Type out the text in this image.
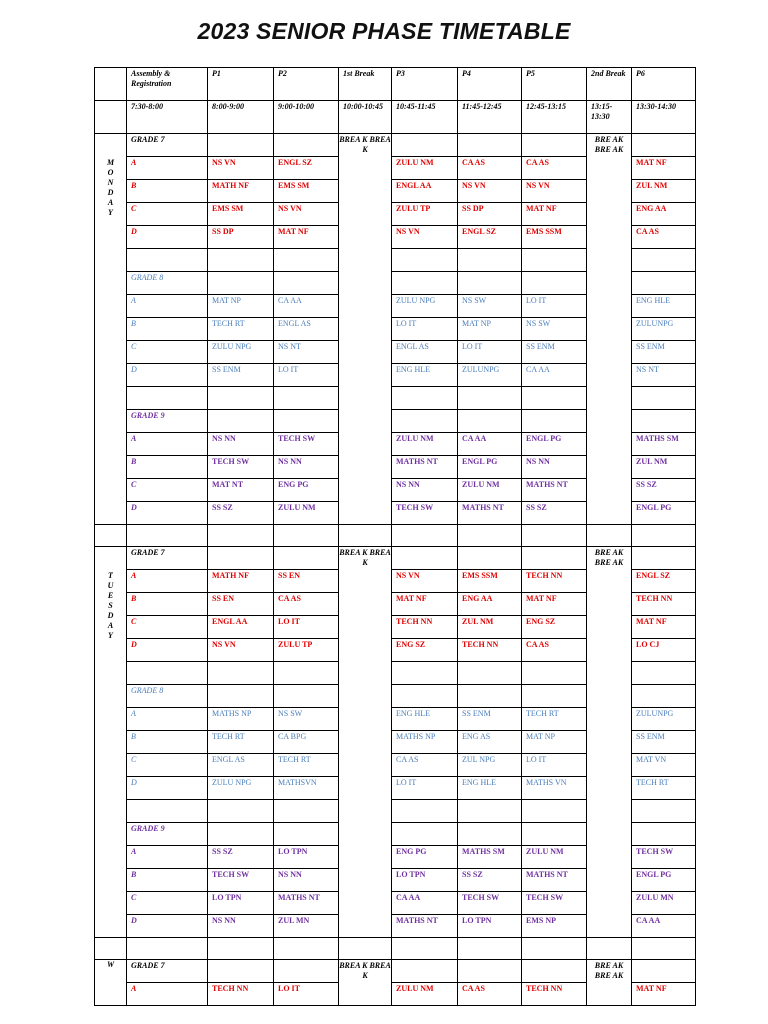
2023 SENIOR PHASE TIMETABLE
	Assembly & Registration	P1	P2	1st Break	P3	P4	P5	2nd Break	P6
	7:30-8:00	8:00-9:00	9:00-10:00	10:00-10:45	10:45-11:45	11:45-12:45	12:45-13:15	13:15-13:30	13:30-14:30

MONDAY	GRADE 7			BREA K BREA K				BRE AK BRE AK	
	A	NS VN	ENGL SZ		ZULU NM	CA AS	CA AS		MAT NF
	B	MATH NF	EMS SM		ENGL AA	NS VN	NS VN		ZUL NM
	C	EMS SM	NS VN		ZULU TP	SS DP	MAT NF		ENG AA
	D	SS DP	MAT NF		NS VN	ENGL SZ	EMS SSM		CA AS

	GRADE 8								
	A	MAT NP	CA AA		ZULU NPG	NS SW	LO IT		ENG HLE
	B	TECH RT	ENGL AS		LO IT	MAT NP	NS SW		ZULUNPG
	C	ZULU NPG	NS NT		ENGL AS	LO IT	SS ENM		SS ENM
	D	SS ENM	LO IT		ENG HLE	ZULUNPG	CA AA		NS NT

	GRADE 9								
	A	NS NN	TECH SW		ZULU NM	CA AA	ENGL PG		MATHS SM
	B	TECH SW	NS NN		MATHS NT	ENGL PG	NS NN		ZUL NM
	C	MAT NT	ENG PG		NS NN	ZULU NM	MATHS NT		SS SZ
	D	SS SZ	ZULU NM		TECH SW	MATHS NT	SS SZ		ENGL PG

TUESDAY	GRADE 7			BREA K BREA K				BRE AK BRE AK	
	A	MATH NF	SS EN		NS VN	EMS SSM	TECH NN		ENGL SZ
	B	SS EN	CA AS		MAT NF	ENG AA	MAT NF		TECH NN
	C	ENGL AA	LO IT		TECH NN	ZUL NM	ENG SZ		MAT NF
	D	NS VN	ZULU TP		ENG SZ	TECH NN	CA AS		LO CJ

	GRADE 8								
	A	MATHS NP	NS SW		ENG HLE	SS ENM	TECH RT		ZULUNPG
	B	TECH RT	CA BPG		MATHS NP	ENG AS	MAT NP		SS ENM
	C	ENGL AS	TECH RT		CA AS	ZUL NPG	LO IT		MAT VN
	D	ZULU NPG	MATHSVN		LO IT	ENG HLE	MATHS VN		TECH RT

	GRADE 9								
	A	SS SZ	LO TPN		ENG PG	MATHS SM	ZULU NM		TECH SW
	B	TECH SW	NS NN		LO TPN	SS SZ	MATHS NT		ENGL PG
	C	LO TPN	MATHS NT		CA AA	TECH SW	TECH SW		ZULU MN
	D	NS NN	ZUL MN		MATHS NT	LO TPN	EMS NP		CA AA

W	GRADE 7			BREA K BREA K				BRE AK BRE AK	
	A	TECH NN	LO IT		ZULU NM	CA AS	TECH NN		MAT NF
